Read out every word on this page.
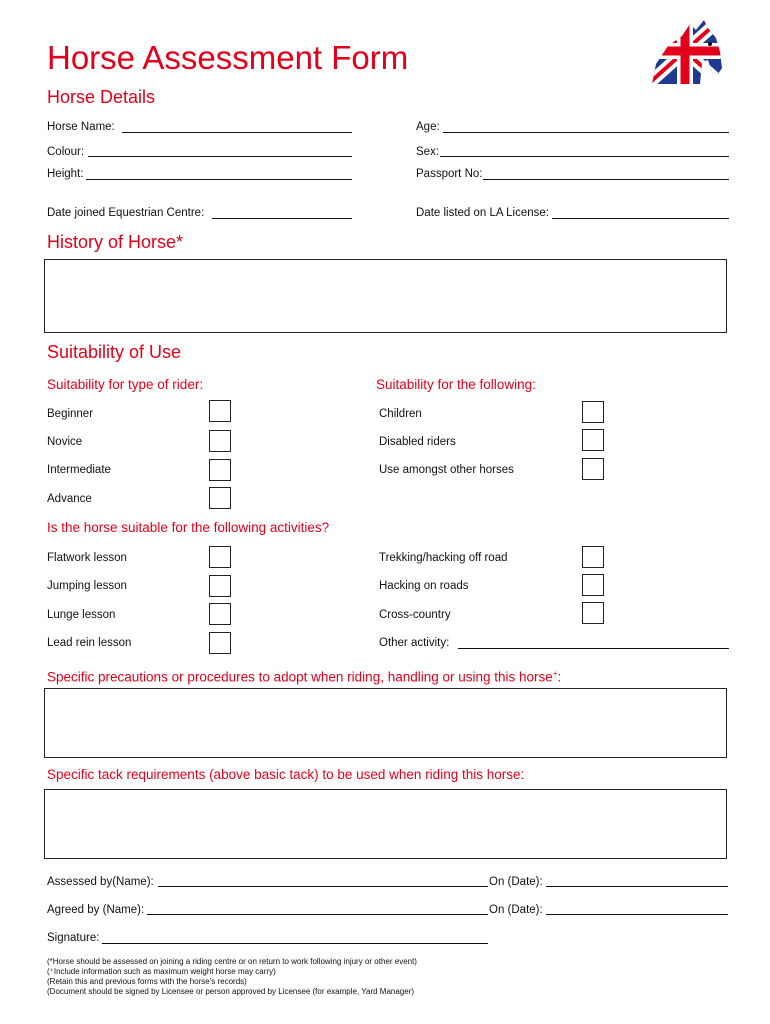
Horse Assessment Form
Horse Details
Horse Name:	Age:
Colour:	Sex:
Height:	Passport No:
Date joined Equestrian Centre:	Date listed on LA License:
History of Horse*
Suitability of Use
Suitability for type of rider:	Suitability for the following:
Beginner
Novice
Intermediate
Advance
Children
Disabled riders
Use amongst other horses
Is the horse suitable for the following activities?
Flatwork lesson
Jumping lesson
Lunge lesson
Lead rein lesson
Trekking/hacking off road
Hacking on roads
Cross-country
Other activity:
Specific precautions or procedures to adopt when riding, handling or using this horse+:
Specific tack requirements (above basic tack) to be used when riding this horse:
Assessed by(Name):	On (Date):
Agreed by (Name):	On (Date):
Signature:
(*Horse should be assessed on joining a riding centre or on return to work following injury or other event)
(⁺Include information such as maximum weight horse may carry)
(Retain this and previous forms with the horse's records)
(Document should be signed by Licensee or person approved by Licensee (for example, Yard Manager)
